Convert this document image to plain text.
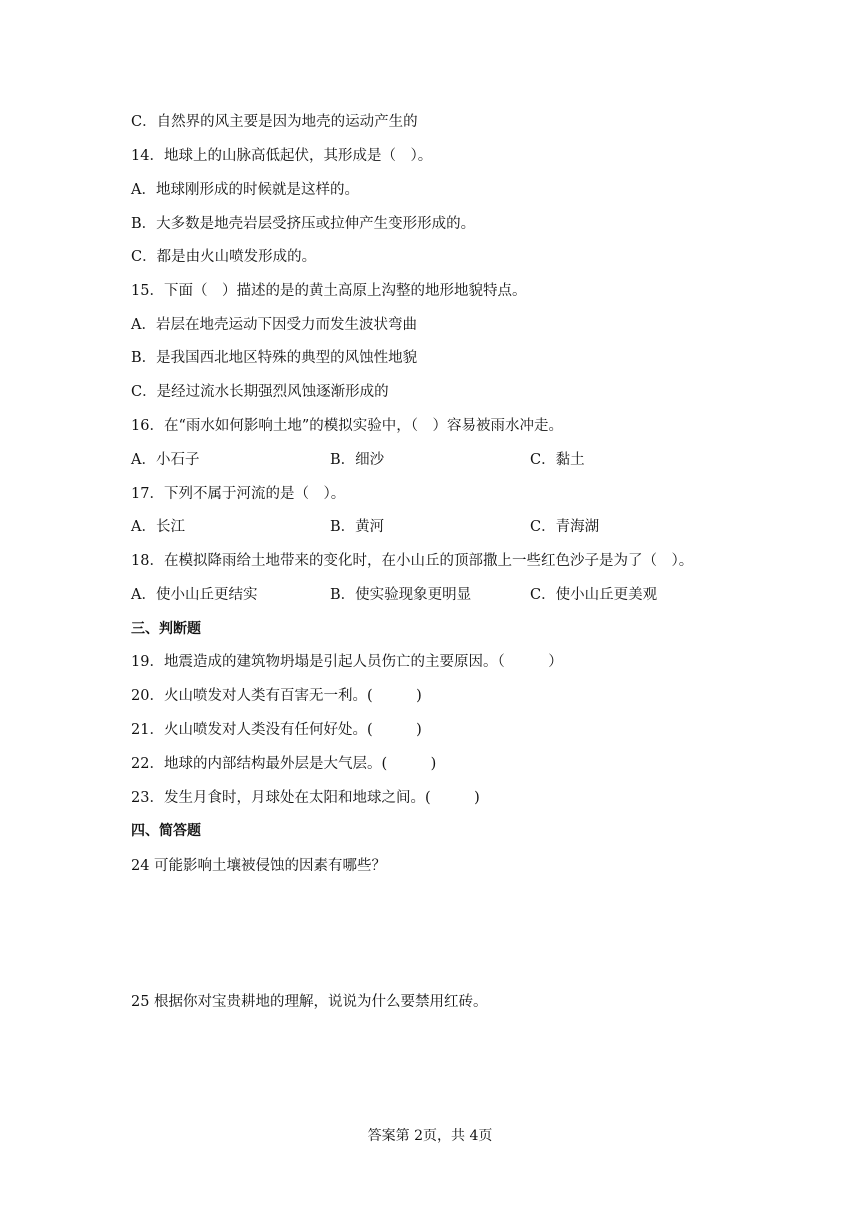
C．自然界的风主要是因为地壳的运动产生的
14．地球上的山脉高低起伏，其形成是（　）。
A．地球刚形成的时候就是这样的。
B．大多数是地壳岩层受挤压或拉伸产生变形形成的。
C．都是由火山喷发形成的。
15．下面（　）描述的是的黄土高原上沟整的地形地貌特点。
A．岩层在地壳运动下因受力而发生波状弯曲
B．是我国西北地区特殊的典型的风蚀性地貌
C．是经过流水长期强烈风蚀逐渐形成的
16．在“雨水如何影响土地”的模拟实验中，（　）容易被雨水冲走。
A．小石子	B．细沙	C．黏土
17．下列不属于河流的是（　）。
A．长江	B．黄河	C．青海湖
18．在模拟降雨给土地带来的变化时，在小山丘的顶部撒上一些红色沙子是为了（　）。
A．使小山丘更结实	B．使实验现象更明显	C．使小山丘更美观
三、判断题
19．地震造成的建筑物坍塌是引起人员伤亡的主要原因。（　　　）
20．火山喷发对人类有百害无一利。(　　　)
21．火山喷发对人类没有任何好处。(　　　)
22．地球的内部结构最外层是大气层。(　　　)
23．发生月食时，月球处在太阳和地球之间。(　　　)
四、简答题
24 可能影响土壤被侵蚀的因素有哪些？
25 根据你对宝贵耕地的理解，说说为什么要禁用红砖。
答案第 2页，共 4页
